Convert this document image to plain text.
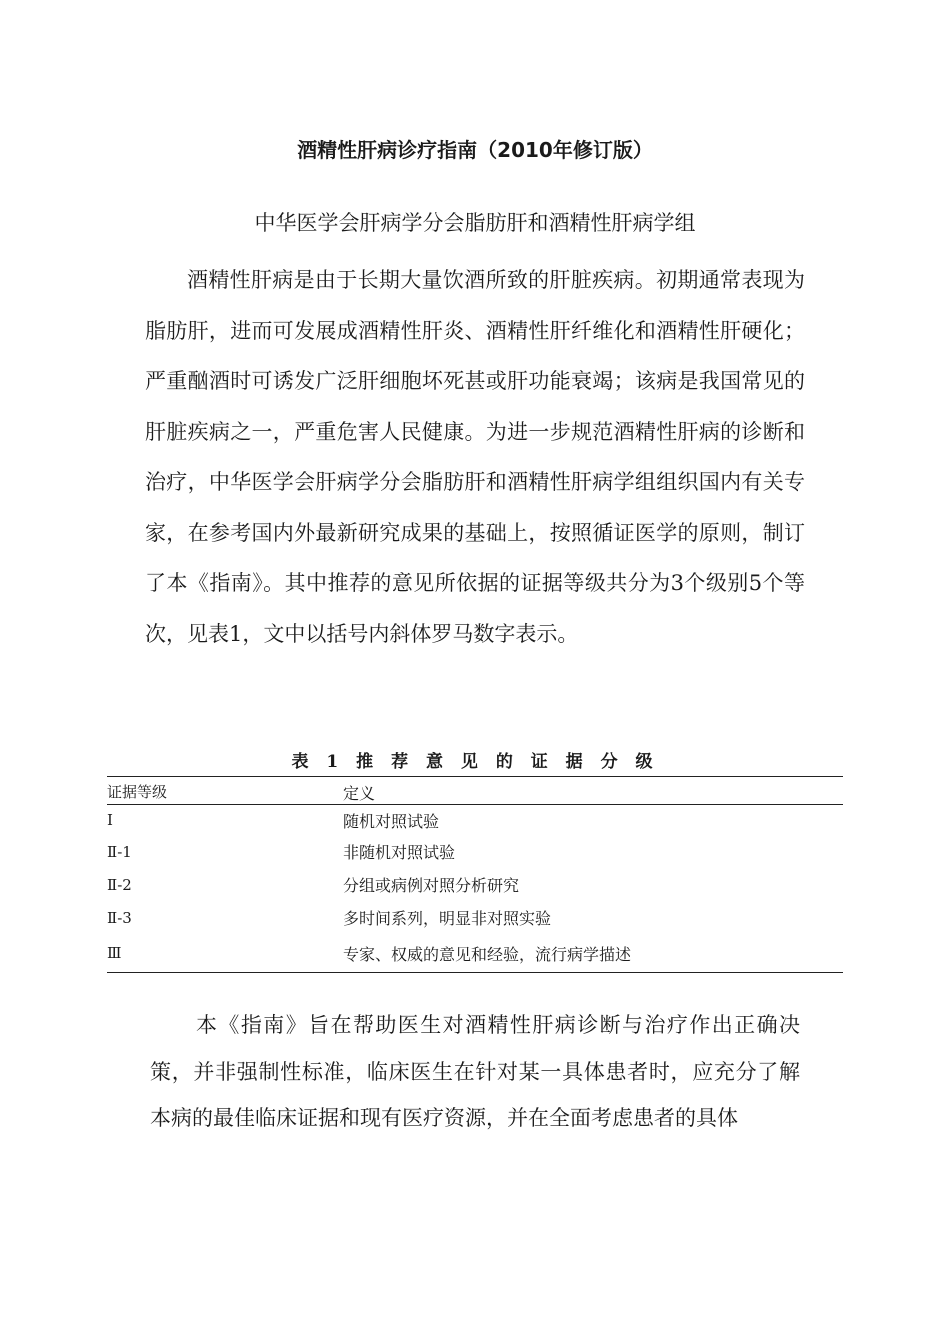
酒精性肝病诊疗指南（2010年修订版）
中华医学会肝病学分会脂肪肝和酒精性肝病学组

酒精性肝病是由于长期大量饮酒所致的肝脏疾病。初期通常表现为脂肪肝，进而可发展成酒精性肝炎、酒精性肝纤维化和酒精性肝硬化；严重酗酒时可诱发广泛肝细胞坏死甚或肝功能衰竭；该病是我国常见的肝脏疾病之一，严重危害人民健康。为进一步规范酒精性肝病的诊断和治疗，中华医学会肝病学分会脂肪肝和酒精性肝病学组组织国内有关专家，在参考国内外最新研究成果的基础上，按照循证医学的原则，制订了本《指南》。其中推荐的意见所依据的证据等级共分为3个级别5个等次，见表1，文中以括号内斜体罗马数字表示。

表 1 推 荐 意 见 的 证 据 分 级
证据等级	定义
Ⅰ	随机对照试验
Ⅱ-1	非随机对照试验
Ⅱ-2	分组或病例对照分析研究
Ⅱ-3	多时间系列，明显非对照实验
Ⅲ	专家、权威的意见和经验，流行病学描述

本《指南》旨在帮助医生对酒精性肝病诊断与治疗作出正确决策，并非强制性标准，临床医生在针对某一具体患者时，应充分了解本病的最佳临床证据和现有医疗资源，并在全面考虑患者的具体
